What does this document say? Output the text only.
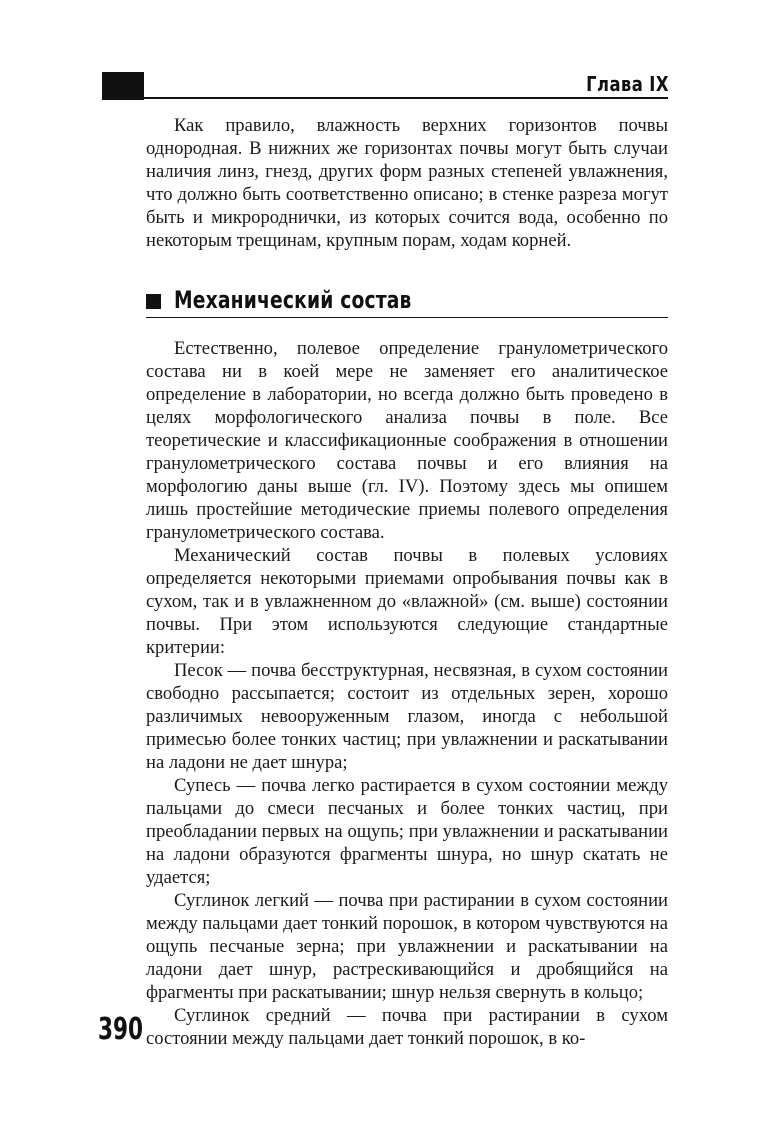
Глава IX

Как правило, влажность верхних горизонтов почвы однородная. В нижних же горизонтах почвы могут быть случаи наличия линз, гнезд, других форм разных степеней увлажнения, что должно быть соответственно описано; в стенке разреза могут быть и микророднички, из которых сочится вода, особенно по некоторым трещинам, крупным порам, ходам корней.

Механический состав

Естественно, полевое определение гранулометрического состава ни в коей мере не заменяет его аналитическое определение в лаборатории, но всегда должно быть проведено в целях морфологического анализа почвы в поле. Все теоретические и классификационные соображения в отношении гранулометрического состава почвы и его влияния на морфологию даны выше (гл. IV). Поэтому здесь мы опишем лишь простейшие методические приемы полевого определения гранулометрического состава.

Механический состав почвы в полевых условиях определяется некоторыми приемами опробывания почвы как в сухом, так и в увлажненном до «влажной» (см. выше) состоянии почвы. При этом используются следующие стандартные критерии:

Песок — почва бесструктурная, несвязная, в сухом состоянии свободно рассыпается; состоит из отдельных зерен, хорошо различимых невооруженным глазом, иногда с небольшой примесью более тонких частиц; при увлажнении и раскатывании на ладони не дает шнура;

Супесь — почва легко растирается в сухом состоянии между пальцами до смеси песчаных и более тонких частиц, при преобладании первых на ощупь; при увлажнении и раскатывании на ладони образуются фрагменты шнура, но шнур скатать не удается;

Суглинок легкий — почва при растирании в сухом состоянии между пальцами дает тонкий порошок, в котором чувствуются на ощупь песчаные зерна; при увлажнении и раскатывании на ладони дает шнур, растрескивающийся и дробящийся на фрагменты при раскатывании; шнур нельзя свернуть в кольцо;

Суглинок средний — почва при растирании в сухом состоянии между пальцами дает тонкий порошок, в ко-

390
